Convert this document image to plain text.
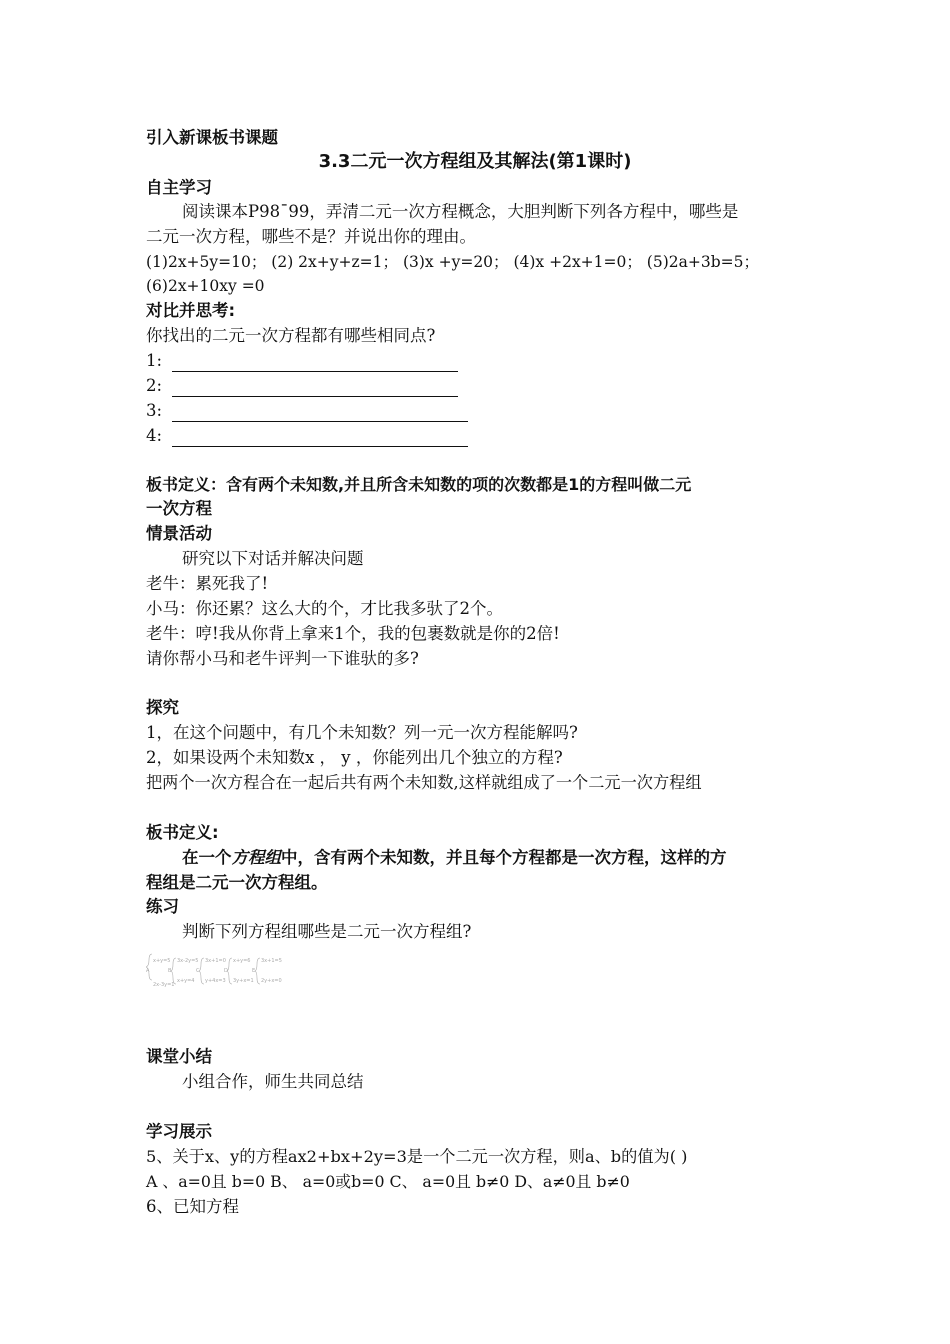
引入新课板书课题
3.3二元一次方程组及其解法(第1课时)
自主学习
阅读课本P98¯99，弄清二元一次方程概念，大胆判断下列各方程中，哪些是
二元一次方程，哪些不是？并说出你的理由。
(1)2x+5y=10； (2) 2x+y+z=1； (3)x +y=20； (4)x +2x+1=0； (5)2a+3b=5；
(6)2x+10xy =0
对比并思考:
你找出的二元一次方程都有哪些相同点?
1:
2:
3:
4:
板书定义：含有两个未知数,并且所含未知数的项的次数都是1的方程叫做二元
一次方程
情景活动
研究以下对话并解决问题
老牛：累死我了!
小马：你还累？这么大的个，才比我多驮了2个。
老牛：哼!我从你背上拿来1个，我的包裹数就是你的2倍!
请你帮小马和老牛评判一下谁驮的多?
探究
1，在这个问题中，有几个未知数？列一元一次方程能解吗?
2，如果设两个未知数x ， y ，你能列出几个独立的方程?
把两个一次方程合在一起后共有两个未知数,这样就组成了一个二元一次方程组
板书定义:
在一个方程组中，含有两个未知数，并且每个方程都是一次方程，这样的方
程组是二元一次方程组。
练习
判断下列方程组哪些是二元一次方程组?
A
x+y=5
2x-3y=1
B
3x-2y=5
x+y=4
C
3x+1=0
y+4x=3
D
x+y=6
3y+x=1
E
3x+1=5
2y+x=0
课堂小结
小组合作，师生共同总结
学习展示
5、关于x、y的方程ax2+bx+2y=3是一个二元一次方程，则a、b的值为( )
A 、a=0且 b=0 B、 a=0或b=0 C、 a=0且 b≠0 D、a≠0且 b≠0
6、已知方程
